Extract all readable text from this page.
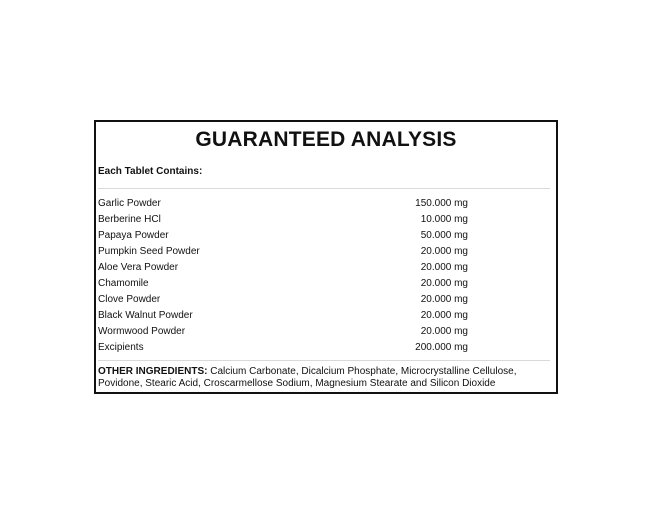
GUARANTEED ANALYSIS
Each Tablet Contains:
Garlic Powder	150.000 mg
Berberine HCl	10.000 mg
Papaya Powder	50.000 mg
Pumpkin Seed Powder	20.000 mg
Aloe Vera Powder	20.000 mg
Chamomile	20.000 mg
Clove Powder	20.000 mg
Black Walnut Powder	20.000 mg
Wormwood Powder	20.000 mg
Excipients	200.000 mg
OTHER INGREDIENTS: Calcium Carbonate, Dicalcium Phosphate, Microcrystalline Cellulose, Povidone, Stearic Acid, Croscarmellose Sodium, Magnesium Stearate and Silicon Dioxide
